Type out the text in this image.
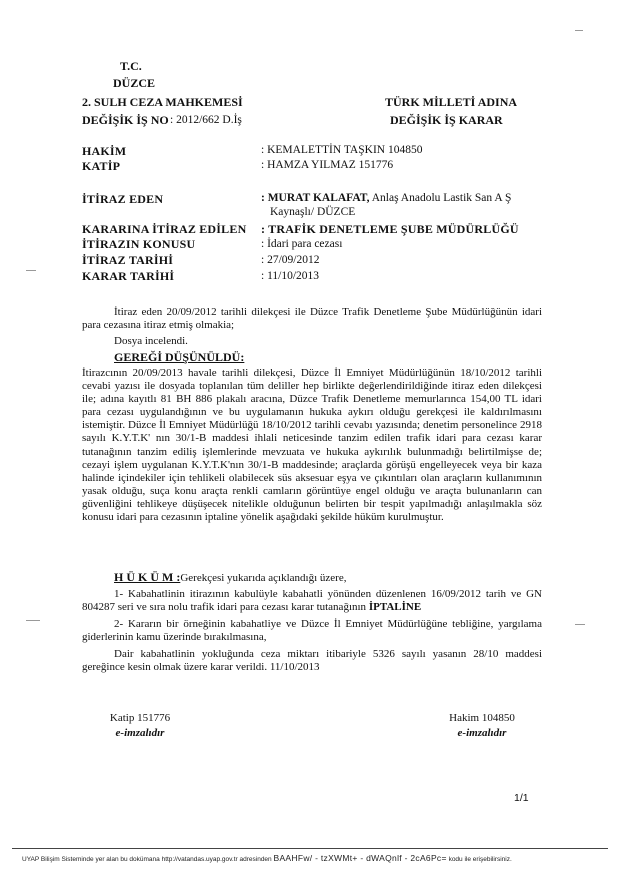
T.C.
DÜZCE
2. SULH CEZA MAHKEMESİ
DEĞİŞİK İŞ NO : 2012/662 D.İş
TÜRK MİLLETİ ADINA
DEĞİŞİK İŞ KARAR
HAKİM	: KEMALETTİN TAŞKIN 104850
KATİP	: HAMZA YILMAZ 151776
İTİRAZ EDEN	: MURAT KALAFAT, Anlaş Anadolu Lastik San A Ş
Kaynaşlı/ DÜZCE
KARARINA İTİRAZ EDİLEN : TRAFİK DENETLEME ŞUBE MÜDÜRLÜĞÜ
İTİRAZIN KONUSU	: İdari para cezası
İTİRAZ TARİHİ	: 27/09/2012
KARAR TARİHİ	: 11/10/2013
İtiraz eden 20/09/2012 tarihli dilekçesi ile Düzce Trafik Denetleme Şube Müdürlüğünün idari para cezasına itiraz etmiş olmakia;
Dosya incelendi.
GEREĞİ DÜŞÜNÜLDÜ:
İtirazcının 20/09/2013 havale tarihli dilekçesi, Düzce İl Emniyet Müdürlüğünün 18/10/2012 tarihli cevabi yazısı ile dosyada toplanılan tüm deliller hep birlikte değerlendirildiğinde itiraz eden dilekçesi ile; adına kayıtlı 81 BH 886 plakalı aracına, Düzce Trafik Denetleme memurlarınca 154,00 TL idari para cezası uygulandığının ve bu uygulamanın hukuka aykırı olduğu gerekçesi ile kaldırılmasını istemiştir. Düzce İl Emniyet Müdürlüğü 18/10/2012 tarihli cevabı yazısında; denetim personelince 2918 sayılı K.Y.T.K' nın 30/1-B maddesi ihlali neticesinde tanzim edilen trafik idari para cezası karar tutanağının tanzim ediliş işlemlerinde mevzuata ve hukuka aykırılık bulunmadığı belirtilmişse de; cezayi işlem uygulanan K.Y.T.K'nın 30/1-B maddesinde; araçlarda görüşü engelleyecek veya bir kaza halinde içindekiler için tehlikeli olabilecek süs aksesuar eşya ve çıkıntıları olan araçların kullanımının yasak olduğu, suça konu araçta renkli camların görüntüye engel olduğu ve araçta bulunanların can güvenliğini tehlikeye düşüşecek nitelikle olduğunun belirten bir tespit yapılmadığı anlaşılmakla söz konusu idari para cezasının iptaline yönelik aşağıdaki şekilde hüküm kurulmuştur.
H Ü K Ü M :Gerekçesi yukarıda açıklandığı üzere,
1- Kabahatlinin itirazının kabulüyle kabahatli yönünden düzenlenen 16/09/2012 tarih ve GN 804287 seri ve sıra nolu trafik idari para cezası karar tutanağının İPTALİNE
2- Kararın bir örneğinin kabahatliye ve Düzce İl Emniyet Müdürlüğüne tebliğine, yargılama giderlerinin kamu üzerinde bırakılmasına,
Dair kabahatlinin yokluğunda ceza miktarı itibariyle 5326 sayılı yasanın 28/10 maddesi gereğince kesin olmak üzere karar verildi. 11/10/2013
Katip 151776
e-imzalıdır
Hakim 104850
e-imzalıdır
1/1
UYAP Bilişim Sisteminde yer alan bu dokümana http://vatandas.uyap.gov.tr adresinden BAAHFw/ - tzXWMt+ - dWAQnlf - 2cA6Pc= kodu ile erişebilirsiniz.
